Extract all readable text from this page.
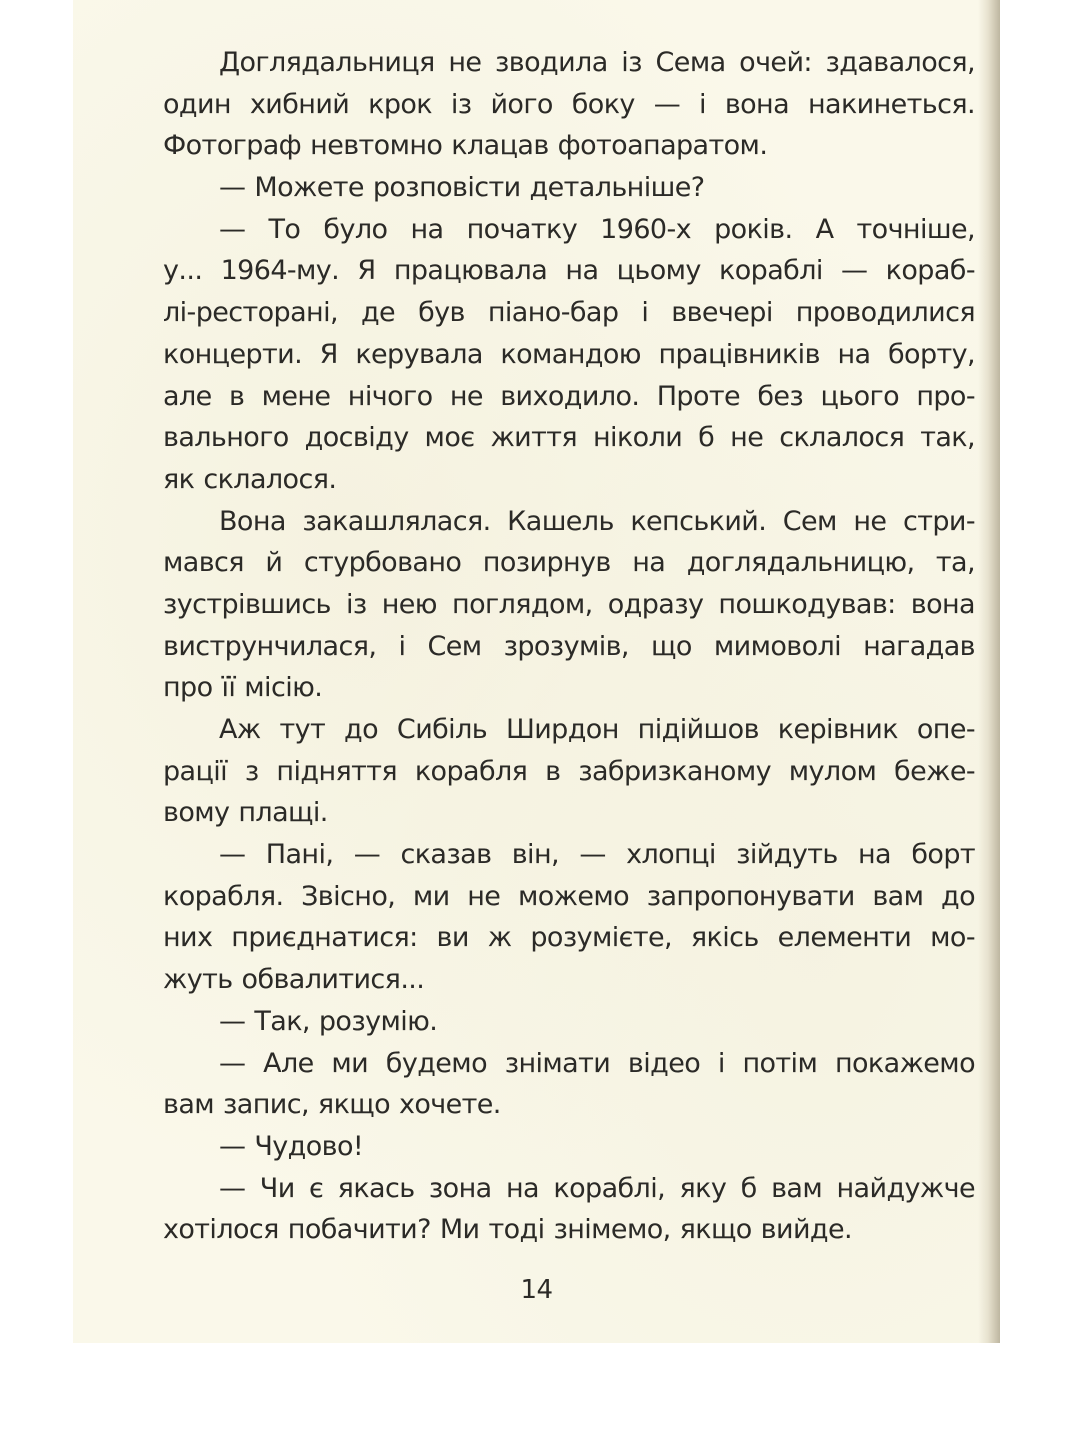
Доглядальниця не зводила із Сема очей: здавалося,
один хибний крок із його боку — і вона накинеться.
Фотограф невтомно клацав фотоапаратом.
— Можете розповісти детальніше?
— То було на початку 1960-х років. А точніше,
у... 1964-му. Я працювала на цьому кораблі — кораб-
лі-ресторані, де був піано-бар і ввечері проводилися
концерти. Я керувала командою працівників на борту,
але в мене нічого не виходило. Проте без цього про-
вального досвіду моє життя ніколи б не склалося так,
як склалося.
Вона закашлялася. Кашель кепський. Сем не стри-
мався й стурбовано позирнув на доглядальницю, та,
зустрівшись із нею поглядом, одразу пошкодував: вона
виструнчилася, і Сем зрозумів, що мимоволі нагадав
про її місію.
Аж тут до Сибіль Ширдон підійшов керівник опе-
рації з підняття корабля в забризканому мулом беже-
вому плащі.
— Пані, — сказав він, — хлопці зійдуть на борт
корабля. Звісно, ми не можемо запропонувати вам до
них приєднатися: ви ж розумієте, якісь елементи мо-
жуть обвалитися...
— Так, розумію.
— Але ми будемо знімати відео і потім покажемо
вам запис, якщо хочете.
— Чудово!
— Чи є якась зона на кораблі, яку б вам найдужче
хотілося побачити? Ми тоді знімемо, якщо вийде.
14
